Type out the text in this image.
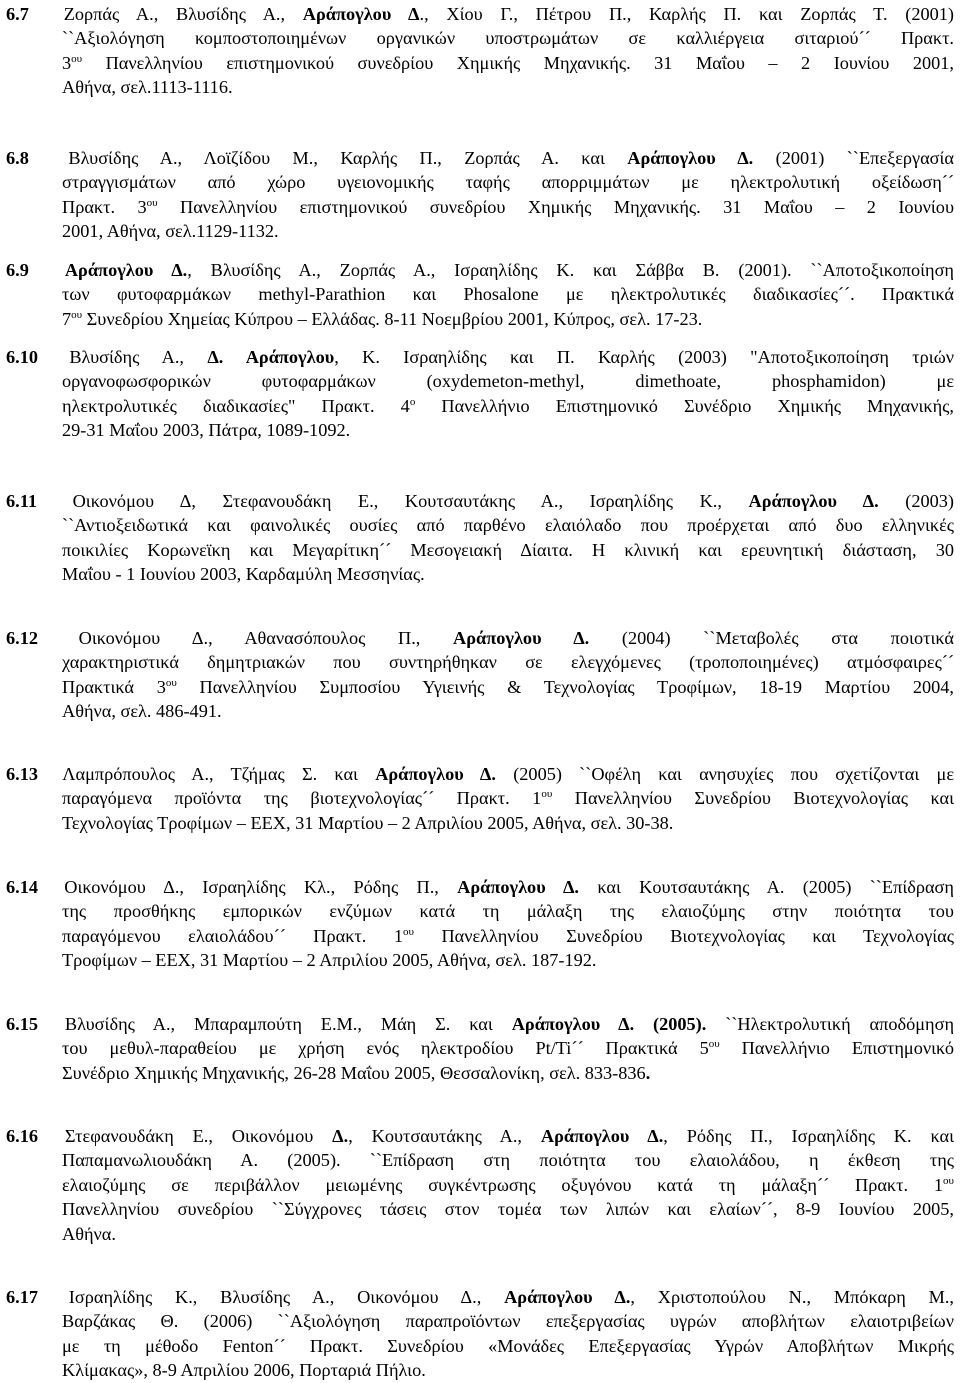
6.7 Ζορπάς Α., Βλυσίδης Α., Αράπογλου Δ., Χίου Γ., Πέτρου Π., Καρλής Π. και Ζορπάς Τ. (2001)
``Αξιολόγηση κομποστοποιημένων οργανικών υποστρωμάτων σε καλλιέργεια σιταριού´´ Πρακτ.
$3^{o\upsilon}$ Πανελληνίου επιστημονικού συνεδρίου Χημικής Μηχανικής. 31 Μαΐου – 2 Ιουνίου 2001,
Αθήνα, σελ.1113-1116.
6.8 Βλυσίδης Α., Λοϊζίδου Μ., Καρλής Π., Ζορπάς Α. και Αράπογλου Δ. (2001) ``Επεξεργασία
στραγγισμάτων από χώρο υγειονομικής ταφής απορριμμάτων με ηλεκτρολυτική οξείδωση´´
Πρακτ. $3^{o\upsilon}$ Πανελληνίου επιστημονικού συνεδρίου Χημικής Μηχανικής. 31 Μαΐου – 2 Ιουνίου
2001, Αθήνα, σελ.1129-1132.
6.9 Αράπογλου Δ., Βλυσίδης Α., Ζορπάς Α., Ισραηλίδης Κ. και Σάββα Β. (2001). ``Αποτοξικοποίηση
των φυτοφαρμάκων methyl-Parathion και Phosalone με ηλεκτρολυτικές διαδικασίες´´. Πρακτικά
$7^{o\upsilon}$ Συνεδρίου Χημείας Κύπρου – Ελλάδας. 8-11 Νοεμβρίου 2001, Κύπρος, σελ. 17-23.
6.10 Βλυσίδης Α., Δ. Αράπογλου, Κ. Ισραηλίδης και Π. Καρλής (2003) "Αποτοξικοποίηση τριών
οργανοφωσφορικών φυτοφαρμάκων (oxydemeton-methyl, dimethoate, phosphamidon) με
ηλεκτρολυτικές διαδικασίες" Πρακτ. $4^o$ Πανελλήνιο Επιστημονικό Συνέδριο Χημικής Μηχανικής,
29-31 Μαΐου 2003, Πάτρα, 1089-1092.
6.11 Οικονόμου Δ, Στεφανουδάκη Ε., Κουτσαυτάκης Α., Ισραηλίδης Κ., Αράπογλου Δ. (2003)
``Αντιοξειδωτικά και φαινολικές ουσίες από παρθένο ελαιόλαδο που προέρχεται από δυο ελληνικές
ποικιλίες Κορωνεϊκη και Μεγαρίτικη´´ Μεσογειακή Δίαιτα. Η κλινική και ερευνητική διάσταση, 30
Μαΐου - 1 Ιουνίου 2003, Καρδαμύλη Μεσσηνίας.
6.12 Οικονόμου Δ., Αθανασόπουλος Π., Αράπογλου Δ. (2004) ``Μεταβολές στα ποιοτικά
χαρακτηριστικά δημητριακών που συντηρήθηκαν σε ελεγχόμενες (τροποποιημένες) ατμόσφαιρες´´
Πρακτικά $3^{o\upsilon}$ Πανελληνίου Συμποσίου Υγιεινής & Τεχνολογίας Τροφίμων, 18-19 Μαρτίου 2004,
Αθήνα, σελ. 486-491.
6.13 Λαμπρόπουλος Α., Τζήμας Σ. και Αράπογλου Δ. (2005) ``Οφέλη και ανησυχίες που σχετίζονται με
παραγόμενα προϊόντα της βιοτεχνολογίας´´ Πρακτ. $1^{o\upsilon}$ Πανελληνίου Συνεδρίου Βιοτεχνολογίας και
Τεχνολογίας Τροφίμων – ΕΕΧ, 31 Μαρτίου – 2 Απριλίου 2005, Αθήνα, σελ. 30-38.
6.14 Οικονόμου Δ., Ισραηλίδης Κλ., Ρόδης Π., Αράπογλου Δ. και Κουτσαυτάκης Α. (2005) ``Επίδραση
της προσθήκης εμπορικών ενζύμων κατά τη μάλαξη της ελαιοζύμης στην ποιότητα του
παραγόμενου ελαιολάδου´´ Πρακτ. $1^{o\upsilon}$ Πανελληνίου Συνεδρίου Βιοτεχνολογίας και Τεχνολογίας
Τροφίμων – ΕΕΧ, 31 Μαρτίου – 2 Απριλίου 2005, Αθήνα, σελ. 187-192.
6.15 Βλυσίδης Α., Μπαραμπούτη Ε.Μ., Μάη Σ. και Αράπογλου Δ. (2005). ``Ηλεκτρολυτική αποδόμηση
του μεθυλ-παραθείου με χρήση ενός ηλεκτροδίου Pt/Ti´´ Πρακτικά $5^{o\upsilon}$ Πανελλήνιο Επιστημονικό
Συνέδριο Χημικής Μηχανικής, 26-28 Μαΐου 2005, Θεσσαλονίκη, σελ. 833-836.
6.16 Στεφανουδάκη Ε., Οικονόμου Δ., Κουτσαυτάκης Α., Αράπογλου Δ., Ρόδης Π., Ισραηλίδης Κ. και
Παπαμανωλιουδάκη Α. (2005). ``Επίδραση στη ποιότητα του ελαιολάδου, η έκθεση της
ελαιοζύμης σε περιβάλλον μειωμένης συγκέντρωσης οξυγόνου κατά τη μάλαξη´´ Πρακτ. $1^{o\upsilon}$
Πανελληνίου συνεδρίου ``Σύγχρονες τάσεις στον τομέα των λιπών και ελαίων´´, 8-9 Ιουνίου 2005,
Αθήνα.
6.17 Ισραηλίδης Κ., Βλυσίδης Α., Οικονόμου Δ., Αράπογλου Δ., Χριστοπούλου Ν., Μπόκαρη Μ.,
Βαρζάκας Θ. (2006) ``Αξιολόγηση παραπροϊόντων επεξεργασίας υγρών αποβλήτων ελαιοτριβείων
με τη μέθοδο Fenton´´ Πρακτ. Συνεδρίου «Μονάδες Επεξεργασίας Υγρών Αποβλήτων Μικρής
Κλίμακας», 8-9 Απριλίου 2006, Πορταριά Πήλιο.
